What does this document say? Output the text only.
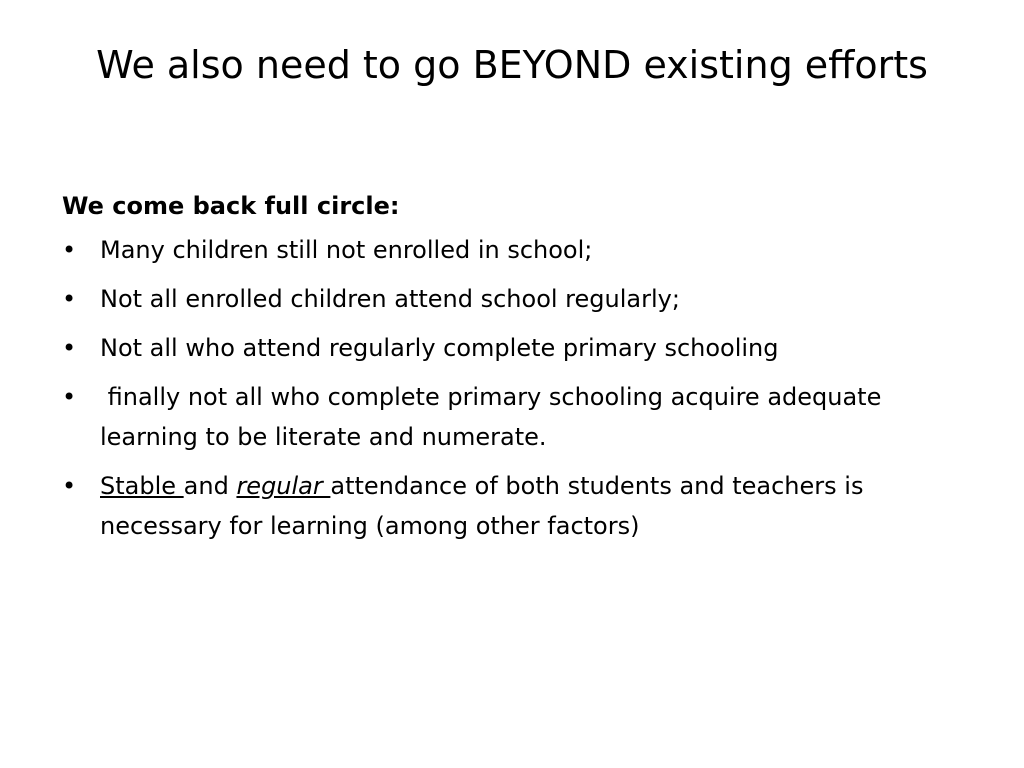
We also need to go BEYOND existing efforts

We come back full circle:

• Many children still not enrolled in school;
• Not all enrolled children attend school regularly;
• Not all who attend regularly complete primary schooling
• finally not all who complete primary schooling acquire adequate learning to be literate and numerate.
• Stable and regular attendance of both students and teachers is necessary for learning (among other factors)
